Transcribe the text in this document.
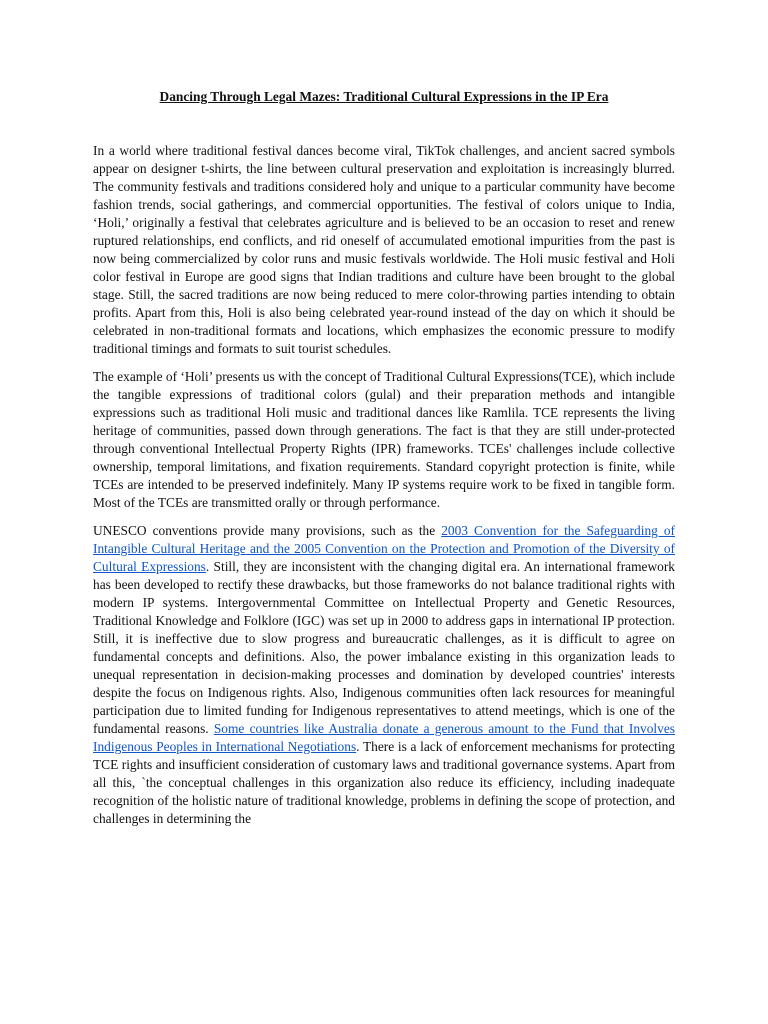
Dancing Through Legal Mazes: Traditional Cultural Expressions in the IP Era

In a world where traditional festival dances become viral, TikTok challenges, and ancient sacred symbols appear on designer t-shirts, the line between cultural preservation and exploitation is increasingly blurred. The community festivals and traditions considered holy and unique to a particular community have become fashion trends, social gatherings, and commercial opportunities. The festival of colors unique to India, ‘Holi,’ originally a festival that celebrates agriculture and is believed to be an occasion to reset and renew ruptured relationships, end conflicts, and rid oneself of accumulated emotional impurities from the past is now being commercialized by color runs and music festivals worldwide. The Holi music festival and Holi color festival in Europe are good signs that Indian traditions and culture have been brought to the global stage. Still, the sacred traditions are now being reduced to mere color-throwing parties intending to obtain profits. Apart from this, Holi is also being celebrated year-round instead of the day on which it should be celebrated in non-traditional formats and locations, which emphasizes the economic pressure to modify traditional timings and formats to suit tourist schedules.

The example of ‘Holi’ presents us with the concept of Traditional Cultural Expressions(TCE), which include the tangible expressions of traditional colors (gulal) and their preparation methods and intangible expressions such as traditional Holi music and traditional dances like Ramlila. TCE represents the living heritage of communities, passed down through generations. The fact is that they are still under-protected through conventional Intellectual Property Rights (IPR) frameworks. TCEs' challenges include collective ownership, temporal limitations, and fixation requirements. Standard copyright protection is finite, while TCEs are intended to be preserved indefinitely. Many IP systems require work to be fixed in tangible form. Most of the TCEs are transmitted orally or through performance.

UNESCO conventions provide many provisions, such as the 2003 Convention for the Safeguarding of Intangible Cultural Heritage and the 2005 Convention on the Protection and Promotion of the Diversity of Cultural Expressions. Still, they are inconsistent with the changing digital era. An international framework has been developed to rectify these drawbacks, but those frameworks do not balance traditional rights with modern IP systems. Intergovernmental Committee on Intellectual Property and Genetic Resources, Traditional Knowledge and Folklore (IGC) was set up in 2000 to address gaps in international IP protection. Still, it is ineffective due to slow progress and bureaucratic challenges, as it is difficult to agree on fundamental concepts and definitions. Also, the power imbalance existing in this organization leads to unequal representation in decision-making processes and domination by developed countries' interests despite the focus on Indigenous rights. Also, Indigenous communities often lack resources for meaningful participation due to limited funding for Indigenous representatives to attend meetings, which is one of the fundamental reasons. Some countries like Australia donate a generous amount to the Fund that Involves Indigenous Peoples in International Negotiations. There is a lack of enforcement mechanisms for protecting TCE rights and insufficient consideration of customary laws and traditional governance systems. Apart from all this, `the conceptual challenges in this organization also reduce its efficiency, including inadequate recognition of the holistic nature of traditional knowledge, problems in defining the scope of protection, and challenges in determining the
